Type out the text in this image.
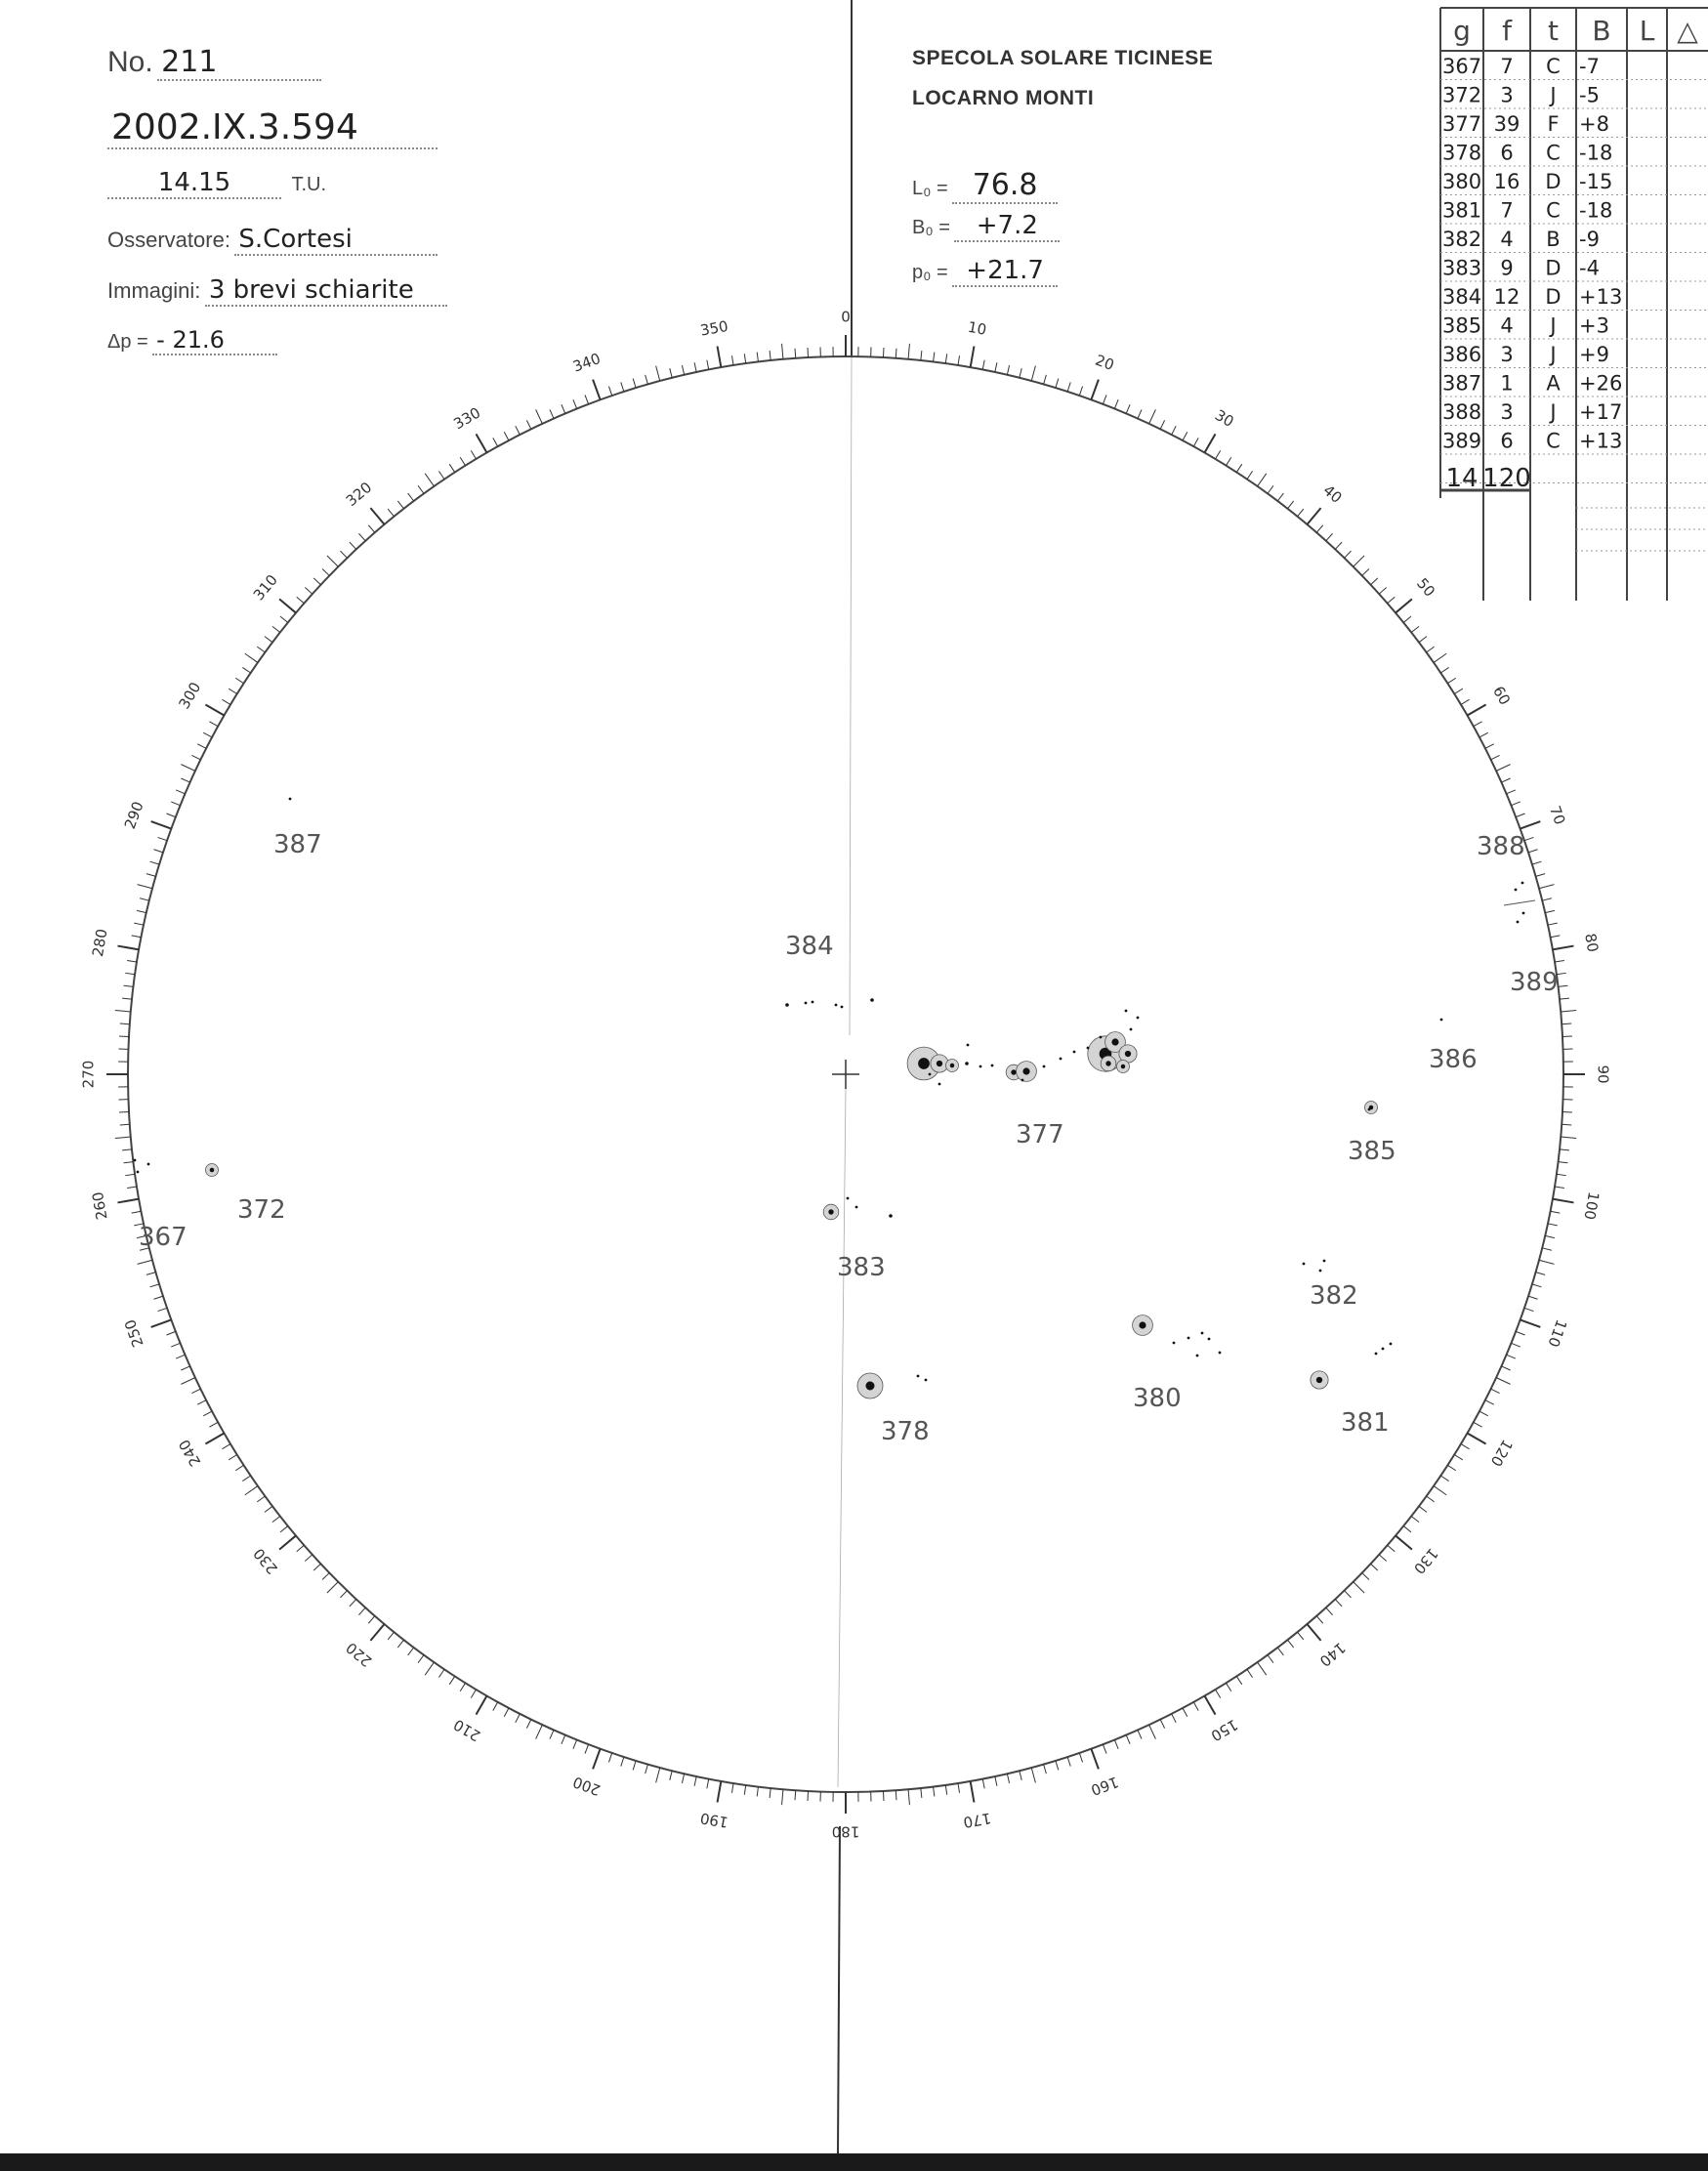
No. 211
2002.IX.3.594
14.15	T.U.
Osservatore: S.Cortesi
Immagini: 3 brevi schiarite
Δp = - 21.6
SPECOLA SOLARE TICINESE
LOCARNO MONTI
L₀ = 76.8
B₀ = +7.2
p₀ = +21.7
g f t B L △
367 7 C -7
372 3 J -5
377 39 F +8
378 6 C -18
380 16 D -15
381 7 C -18
382 4 B -9
383 9 D -4
384 12 D +13
385 4 J +3
386 3 J +9
387 1 A +26
388 3 J +17
389 6 C +13
14 120
0
10
20
30
40
50
60
70
80
90
100
110
120
130
140
150
160
170
180
190
200
210
220
230
240
250
260
270
280
290
300
310
320
330
340
350
384
377
387	388
389
386
385
372
367
383
382
380
381
378
